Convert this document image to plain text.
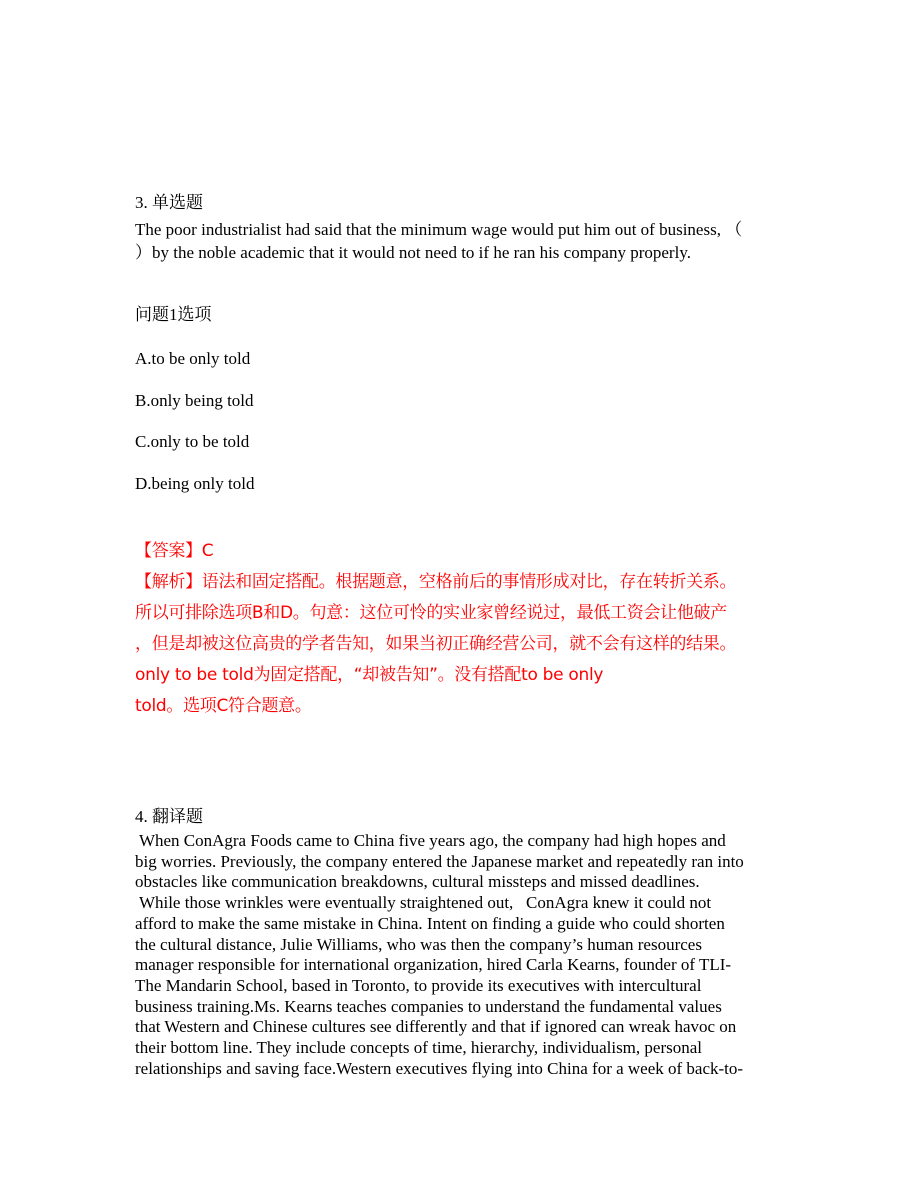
3. 单选题
The poor industrialist had said that the minimum wage would put him out of business, （
）by the noble academic that it would not need to if he ran his company properly.
问题1选项
A.to be only told
B.only being told
C.only to be told
D.being only told

【答案】C

【解析】语法和固定搭配。根据题意，空格前后的事情形成对比，存在转折关系。

所以可排除选项B和D。句意：这位可怜的实业家曾经说过，最低工资会让他破产

，但是却被这位高贵的学者告知，如果当初正确经营公司，就不会有这样的结果。

only to be told为固定搭配，“却被告知”。没有搭配to be only

told。选项C符合题意。

4. 翻译题

When ConAgra Foods came to China five years ago, the company had high hopes and

big worries. Previously, the company entered the Japanese market and repeatedly ran into

obstacles like communication breakdowns, cultural missteps and missed deadlines.

While those wrinkles were eventually straightened out,   ConAgra knew it could not

afford to make the same mistake in China. Intent on finding a guide who could shorten

the cultural distance, Julie Williams, who was then the company’s human resources

manager responsible for international organization, hired Carla Kearns, founder of TLI-

The Mandarin School, based in Toronto, to provide its executives with intercultural

business training.Ms. Kearns teaches companies to understand the fundamental values

that Western and Chinese cultures see differently and that if ignored can wreak havoc on

their bottom line. They include concepts of time, hierarchy, individualism, personal

relationships and saving face.Western executives flying into China for a week of back-to-
